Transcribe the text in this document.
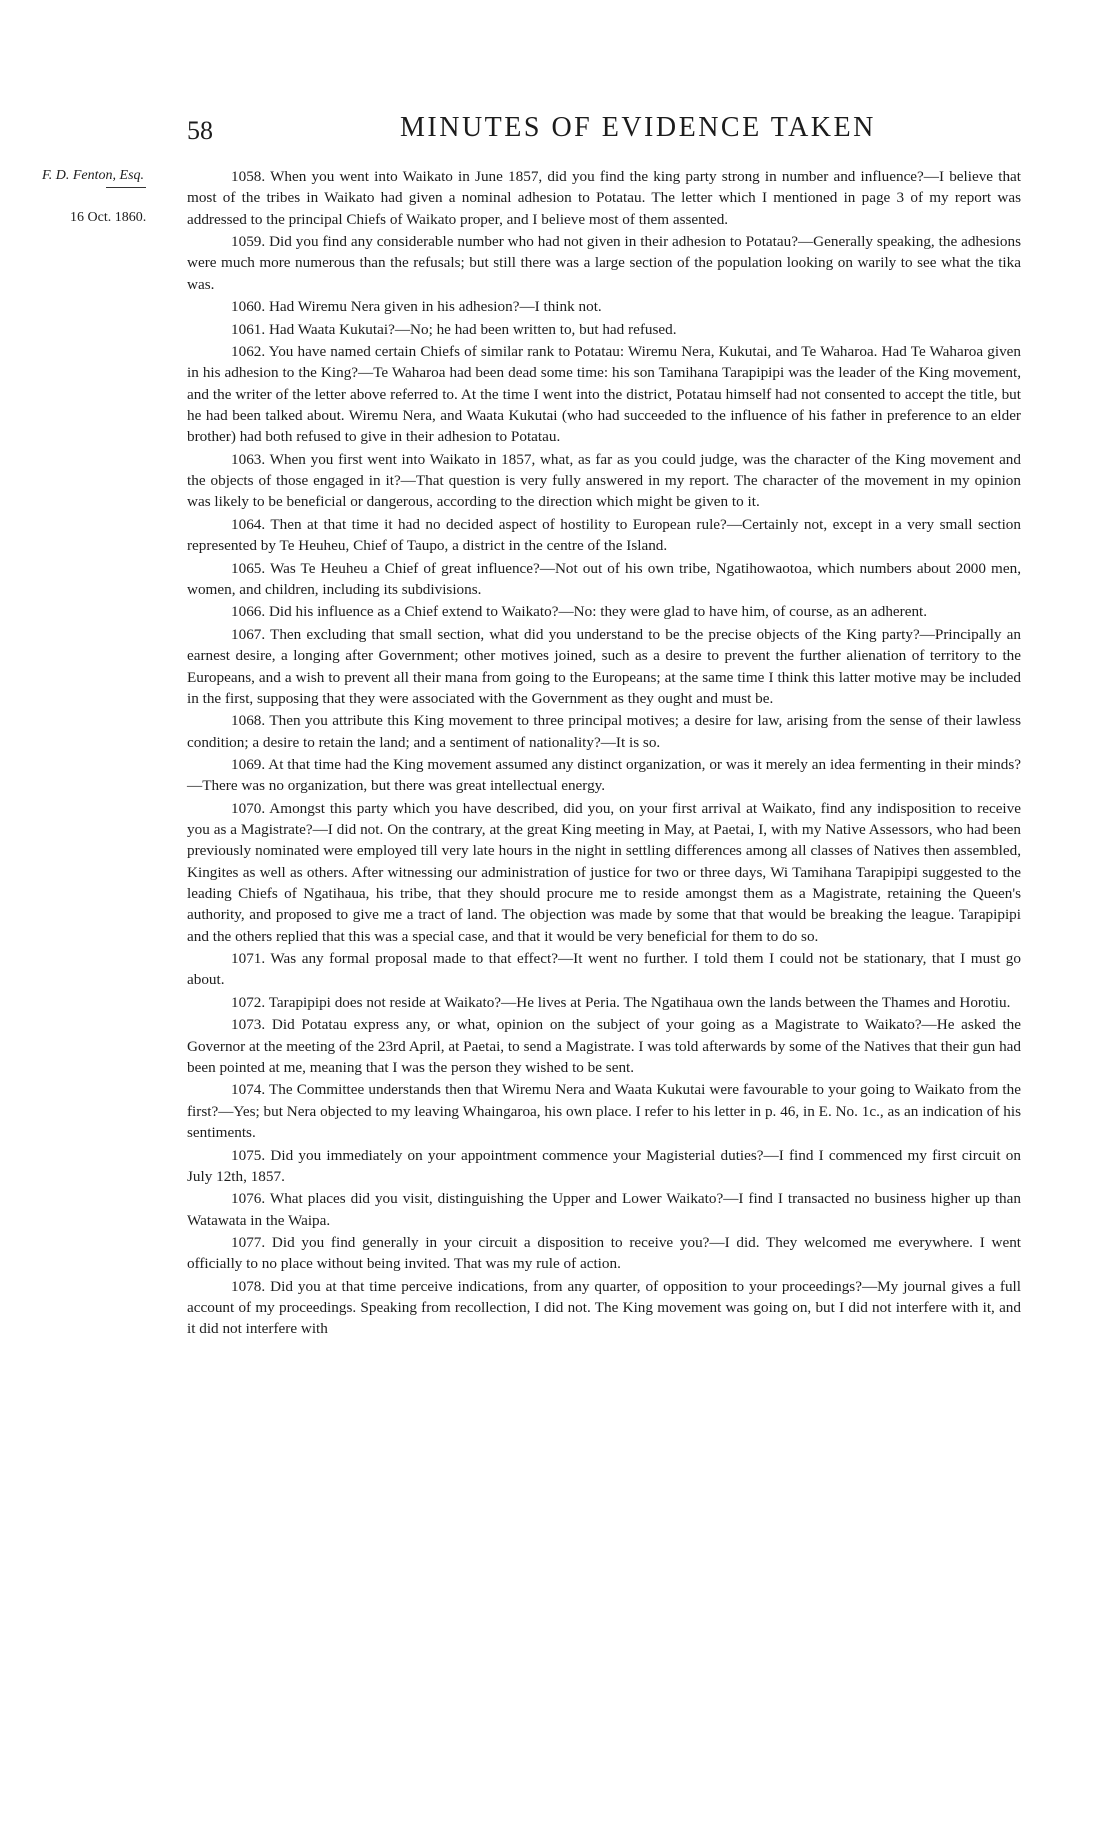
58	MINUTES OF EVIDENCE TAKEN
F. D. Fenton, Esq.
16 Oct. 1860.

1058. When you went into Waikato in June 1857, did you find the king party strong in number and influence?—I believe that most of the tribes in Waikato had given a nominal adhesion to Potatau. The letter which I mentioned in page 3 of my report was addressed to the principal Chiefs of Waikato proper, and I believe most of them assented.

1059. Did you find any considerable number who had not given in their adhesion to Potatau?—Generally speaking, the adhesions were much more numerous than the refusals; but still there was a large section of the population looking on warily to see what the tika was.

1060. Had Wiremu Nera given in his adhesion?—I think not.

1061. Had Waata Kukutai?—No; he had been written to, but had refused.

1062. You have named certain Chiefs of similar rank to Potatau: Wiremu Nera, Kukutai, and Te Waharoa. Had Te Waharoa given in his adhesion to the King?—Te Waharoa had been dead some time: his son Tamihana Tarapipipi was the leader of the King movement, and the writer of the letter above referred to. At the time I went into the district, Potatau himself had not consented to accept the title, but he had been talked about. Wiremu Nera, and Waata Kukutai (who had succeeded to the influence of his father in preference to an elder brother) had both refused to give in their adhesion to Potatau.

1063. When you first went into Waikato in 1857, what, as far as you could judge, was the character of the King movement and the objects of those engaged in it?—That question is very fully answered in my report. The character of the movement in my opinion was likely to be beneficial or dangerous, according to the direction which might be given to it.

1064. Then at that time it had no decided aspect of hostility to European rule?—Certainly not, except in a very small section represented by Te Heuheu, Chief of Taupo, a district in the centre of the Island.

1065. Was Te Heuheu a Chief of great influence?—Not out of his own tribe, Ngatihowaotoa, which numbers about 2000 men, women, and children, including its subdivisions.

1066. Did his influence as a Chief extend to Waikato?—No: they were glad to have him, of course, as an adherent.

1067. Then excluding that small section, what did you understand to be the precise objects of the King party?—Principally an earnest desire, a longing after Government; other motives joined, such as a desire to prevent the further alienation of territory to the Europeans, and a wish to prevent all their mana from going to the Europeans; at the same time I think this latter motive may be included in the first, supposing that they were associated with the Government as they ought and must be.

1068. Then you attribute this King movement to three principal motives; a desire for law, arising from the sense of their lawless condition; a desire to retain the land; and a sentiment of nationality?—It is so.

1069. At that time had the King movement assumed any distinct organization, or was it merely an idea fermenting in their minds?—There was no organization, but there was great intellectual energy.

1070. Amongst this party which you have described, did you, on your first arrival at Waikato, find any indisposition to receive you as a Magistrate?—I did not. On the contrary, at the great King meeting in May, at Paetai, I, with my Native Assessors, who had been previously nominated were employed till very late hours in the night in settling differences among all classes of Natives then assembled, Kingites as well as others. After witnessing our administration of justice for two or three days, Wi Tamihana Tarapipipi suggested to the leading Chiefs of Ngatihaua, his tribe, that they should procure me to reside amongst them as a Magistrate, retaining the Queen's authority, and proposed to give me a tract of land. The objection was made by some that that would be breaking the league. Tarapipipi and the others replied that this was a special case, and that it would be very beneficial for them to do so.

1071. Was any formal proposal made to that effect?—It went no further. I told them I could not be stationary, that I must go about.

1072. Tarapipipi does not reside at Waikato?—He lives at Peria. The Ngatihaua own the lands between the Thames and Horotiu.

1073. Did Potatau express any, or what, opinion on the subject of your going as a Magistrate to Waikato?—He asked the Governor at the meeting of the 23rd April, at Paetai, to send a Magistrate. I was told afterwards by some of the Natives that their gun had been pointed at me, meaning that I was the person they wished to be sent.

1074. The Committee understands then that Wiremu Nera and Waata Kukutai were favourable to your going to Waikato from the first?—Yes; but Nera objected to my leaving Whaingaroa, his own place. I refer to his letter in p. 46, in E. No. 1c., as an indication of his sentiments.

1075. Did you immediately on your appointment commence your Magisterial duties?—I find I commenced my first circuit on July 12th, 1857.

1076. What places did you visit, distinguishing the Upper and Lower Waikato?—I find I transacted no business higher up than Watawata in the Waipa.

1077. Did you find generally in your circuit a disposition to receive you?—I did. They welcomed me everywhere. I went officially to no place without being invited. That was my rule of action.

1078. Did you at that time perceive indications, from any quarter, of opposition to your proceedings?—My journal gives a full account of my proceedings. Speaking from recollection, I did not. The King movement was going on, but I did not interfere with it, and it did not interfere with
